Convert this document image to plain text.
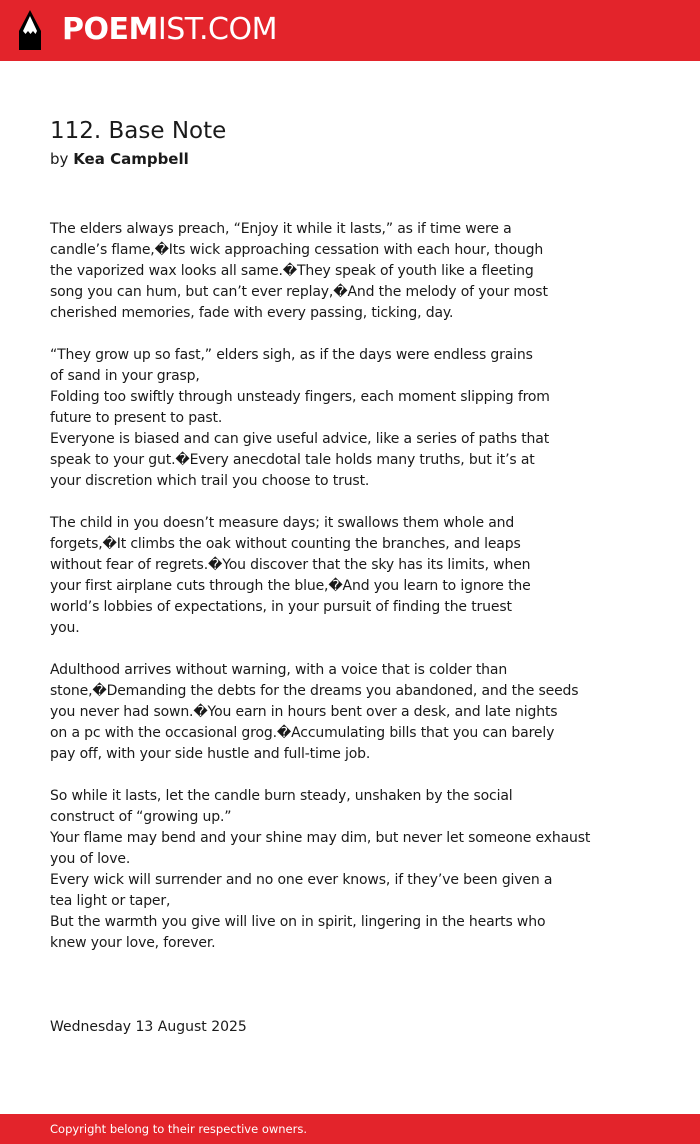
POEMIST.COM
112. Base Note
by Kea Campbell
The elders always preach, “Enjoy it while it lasts,” as if time were a
candle’s flame,�Its wick approaching cessation with each hour, though
the vaporized wax looks all same.�They speak of youth like a fleeting
song you can hum, but can’t ever replay,�And the melody of your most
cherished memories, fade with every passing, ticking, day.
“They grow up so fast,” elders sigh, as if the days were endless grains
of sand in your grasp,
Folding too swiftly through unsteady fingers, each moment slipping from
future to present to past.
Everyone is biased and can give useful advice, like a series of paths that
speak to your gut.�Every anecdotal tale holds many truths, but it’s at
your discretion which trail you choose to trust.
The child in you doesn’t measure days; it swallows them whole and
forgets,�It climbs the oak without counting the branches, and leaps
without fear of regrets.�You discover that the sky has its limits, when
your first airplane cuts through the blue,�And you learn to ignore the
world’s lobbies of expectations, in your pursuit of finding the truest
you.
Adulthood arrives without warning, with a voice that is colder than
stone,�Demanding the debts for the dreams you abandoned, and the seeds
you never had sown.�You earn in hours bent over a desk, and late nights
on a pc with the occasional grog.�Accumulating bills that you can barely
pay off, with your side hustle and full-time job.
So while it lasts, let the candle burn steady, unshaken by the social
construct of “growing up.”
Your flame may bend and your shine may dim, but never let someone exhaust
you of love.
Every wick will surrender and no one ever knows, if they’ve been given a
tea light or taper,
But the warmth you give will live on in spirit, lingering in the hearts who
knew your love, forever.
Wednesday 13 August 2025
Copyright belong to their respective owners.
